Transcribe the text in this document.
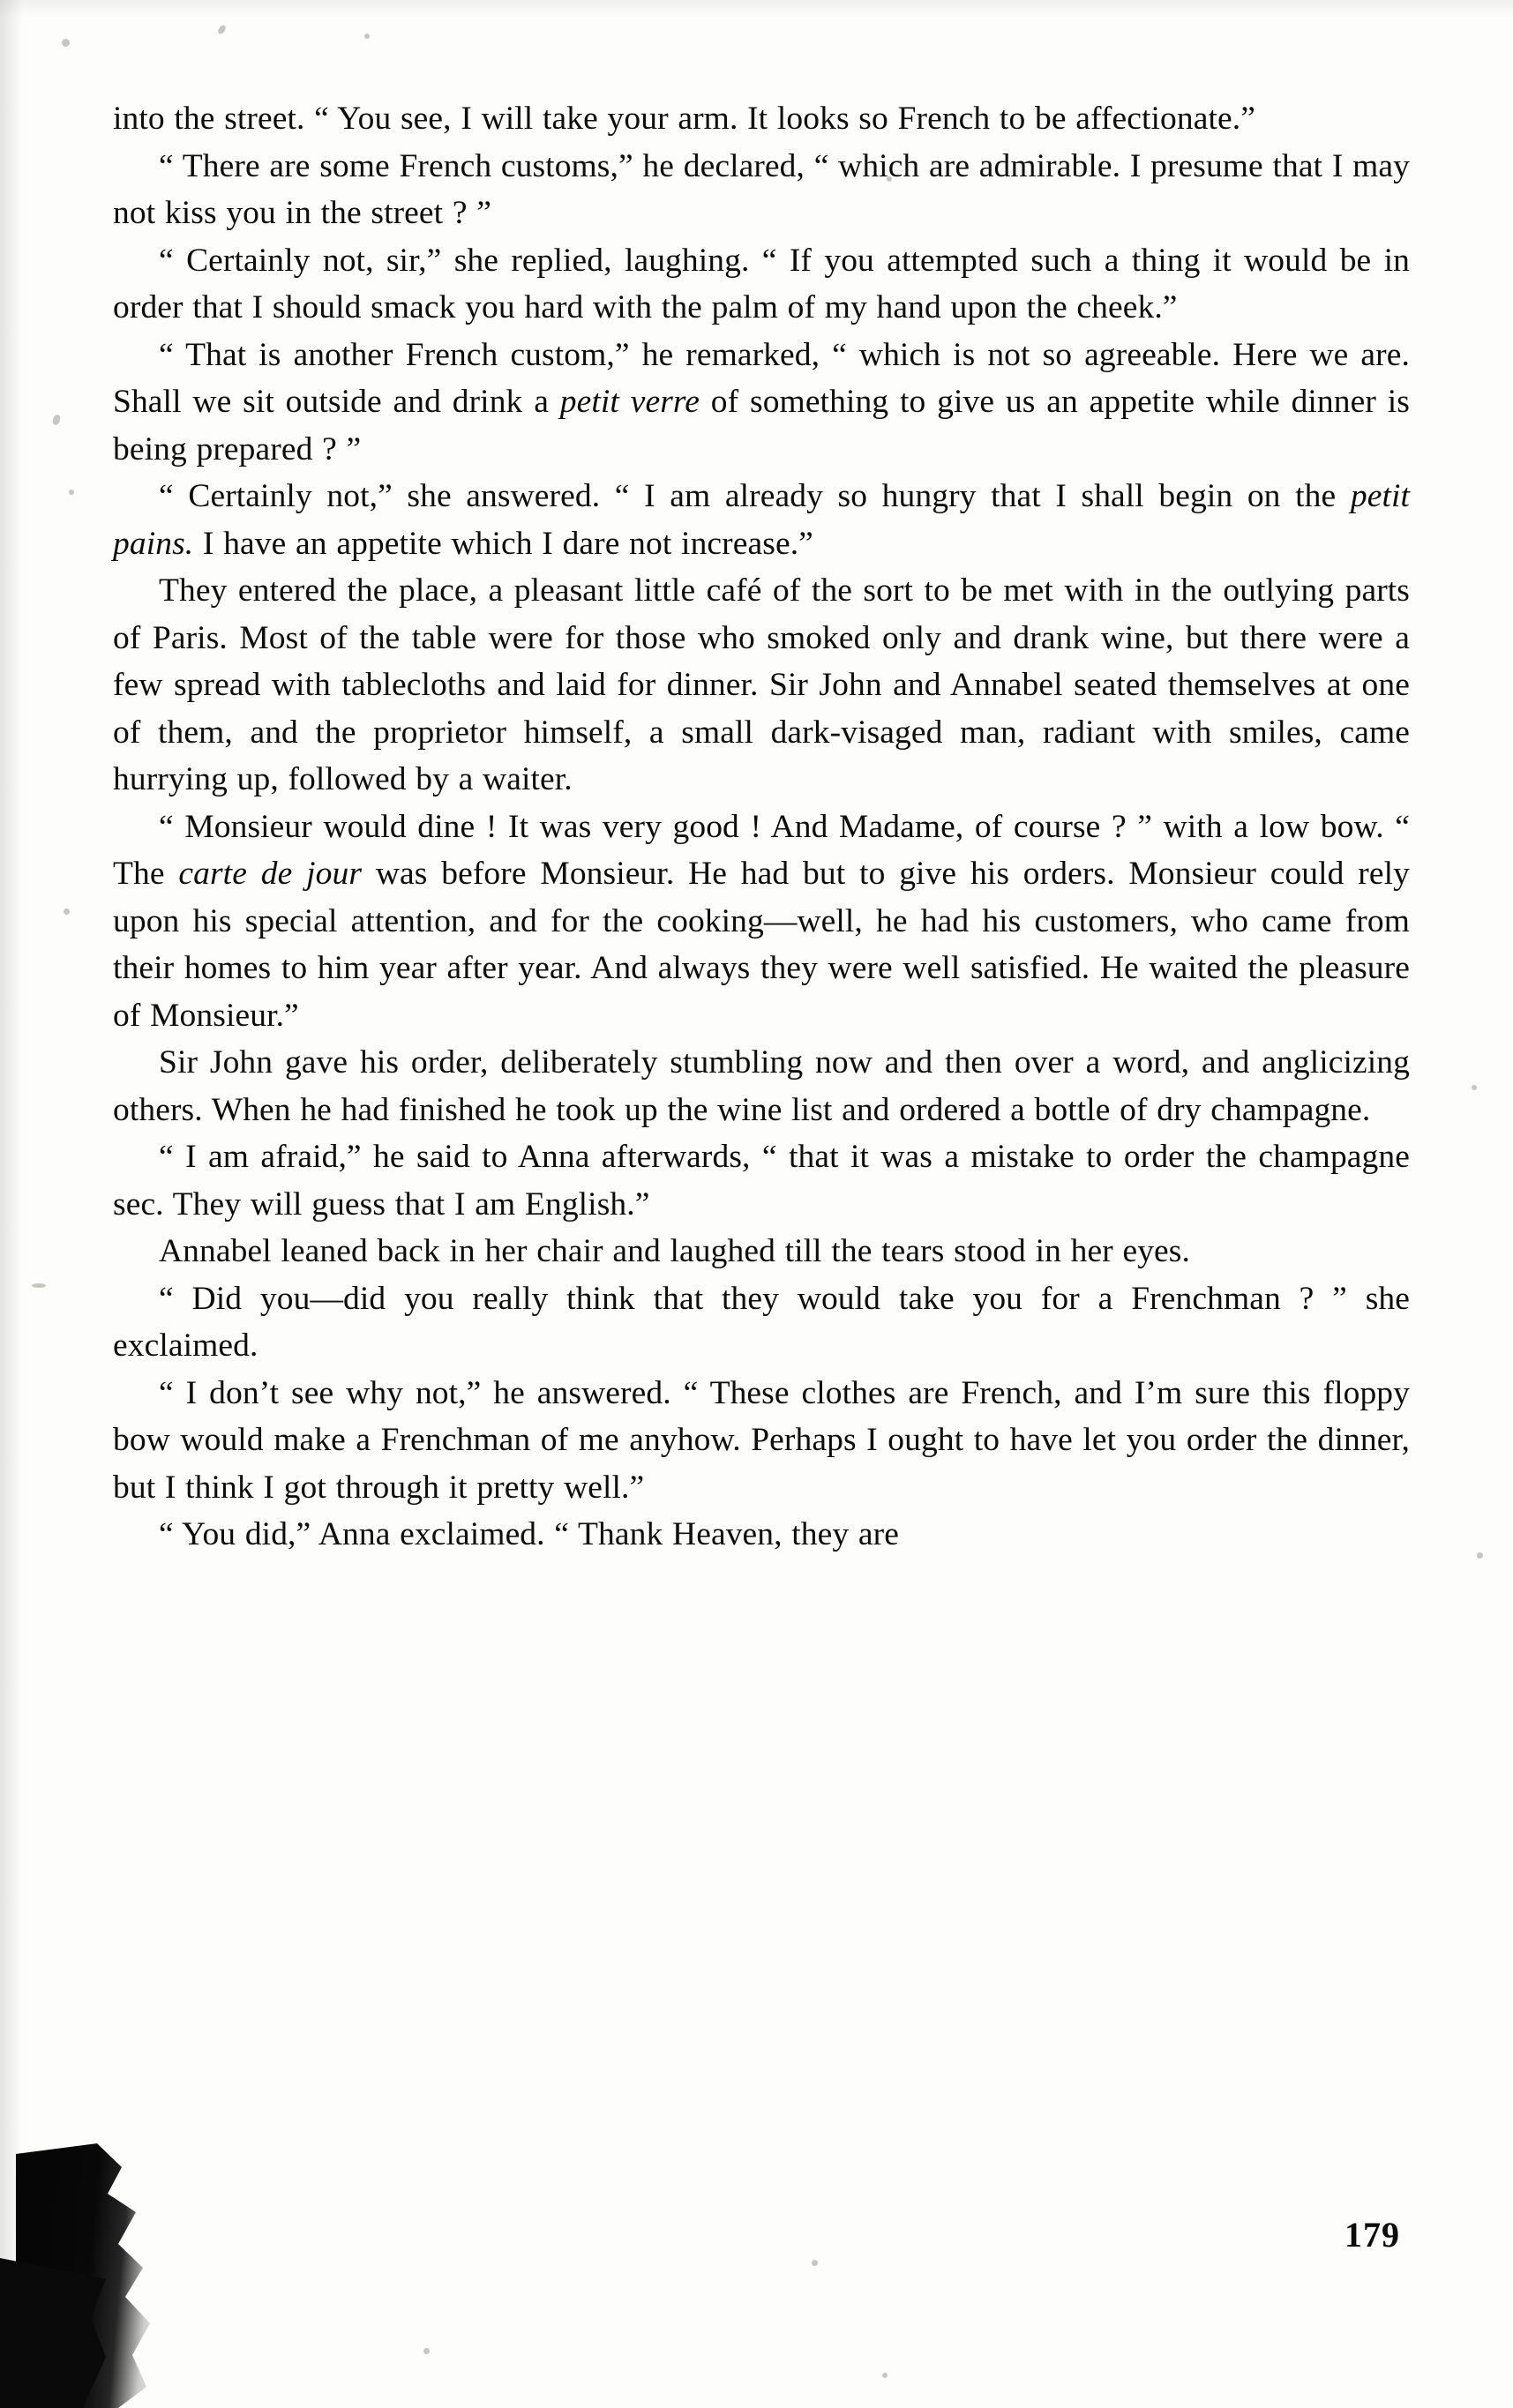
into the street. “ You see, I will take your arm. It looks so French to be affectionate.”

“ There are some French customs,” he declared, “ which are admirable. I presume that I may not kiss you in the street ? ”

“ Certainly not, sir,” she replied, laughing. “ If you attempted such a thing it would be in order that I should smack you hard with the palm of my hand upon the cheek.”

“ That is another French custom,” he remarked, “ which is not so agreeable. Here we are. Shall we sit outside and drink a petit verre of something to give us an appetite while dinner is being prepared ? ”

“ Certainly not,” she answered. “ I am already so hungry that I shall begin on the petit pains. I have an appetite which I dare not increase.”

They entered the place, a pleasant little café of the sort to be met with in the outlying parts of Paris. Most of the table were for those who smoked only and drank wine, but there were a few spread with tablecloths and laid for dinner. Sir John and Annabel seated themselves at one of them, and the proprietor himself, a small dark-visaged man, radiant with smiles, came hurrying up, followed by a waiter.

“ Monsieur would dine ! It was very good ! And Madame, of course ? ” with a low bow. “ The carte de jour was before Monsieur. He had but to give his orders. Monsieur could rely upon his special attention, and for the cooking—well, he had his customers, who came from their homes to him year after year. And always they were well satisfied. He waited the pleasure of Monsieur.”

Sir John gave his order, deliberately stumbling now and then over a word, and anglicizing others. When he had finished he took up the wine list and ordered a bottle of dry champagne.

“ I am afraid,” he said to Anna afterwards, “ that it was a mistake to order the champagne sec. They will guess that I am English.”

Annabel leaned back in her chair and laughed till the tears stood in her eyes.

“ Did you—did you really think that they would take you for a Frenchman ? ” she exclaimed.

“ I don’t see why not,” he answered. “ These clothes are French, and I’m sure this floppy bow would make a Frenchman of me anyhow. Perhaps I ought to have let you order the dinner, but I think I got through it pretty well.”

“ You did,” Anna exclaimed. “ Thank Heaven, they are

179
